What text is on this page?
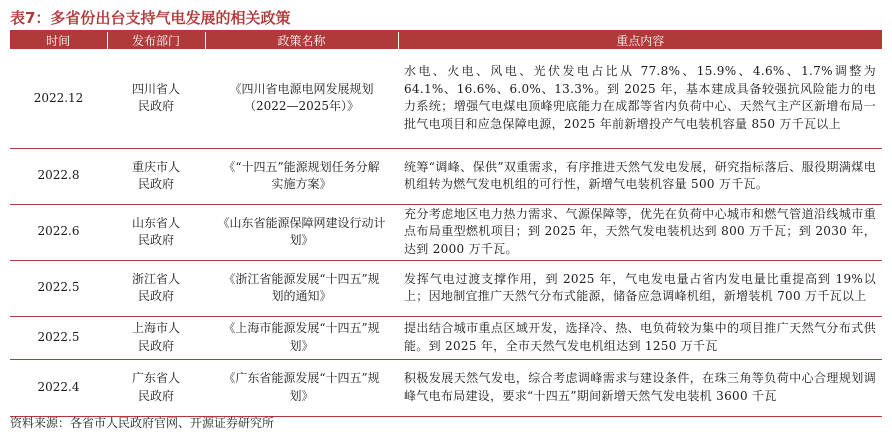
表7：多省份出台支持气电发展的相关政策
时间	发布部门	政策名称	重点内容
2022.12	四川省人民政府	《四川省电源电网发展规划（2022—2025年）》	水电、火电、风电、光伏发电占比从 77.8%、15.9%、4.6%、1.7%调整为 64.1%、16.6%、6.0%、13.3%。到 2025 年，基本建成具备较强抗风险能力的电力系统；增强气电煤电顶峰兜底能力在成都等省内负荷中心、天然气主产区新增布局一批气电项目和应急保障电源，2025 年前新增投产气电装机容量 850 万千瓦以上
2022.8	重庆市人民政府	《“十四五”能源规划任务分解实施方案》	统筹“调峰、保供”双重需求，有序推进天然气发电发展，研究指标落后、服役期满煤电机组转为燃气发电机组的可行性，新增气电装机容量 500 万千瓦。
2022.6	山东省人民政府	《山东省能源保障网建设行动计划》	充分考虑地区电力热力需求、气源保障等，优先在负荷中心城市和燃气管道沿线城市重点布局重型燃机项目；到 2025 年，天然气发电装机达到 800 万千瓦；到 2030 年，达到 2000 万千瓦。
2022.5	浙江省人民政府	《浙江省能源发展“十四五”规划的通知》	发挥气电过渡支撑作用，到 2025 年，气电发电量占省内发电量比重提高到 19%以上；因地制宜推广天然气分布式能源，储备应急调峰机组，新增装机 700 万千瓦以上
2022.5	上海市人民政府	《上海市能源发展“十四五”规划》	提出结合城市重点区域开发，选择冷、热、电负荷较为集中的项目推广天然气分布式供能。到 2025 年，全市天然气发电机组达到 1250 万千瓦
2022.4	广东省人民政府	《广东省能源发展“十四五”规划》	积极发展天然气发电，综合考虑调峰需求与建设条件，在珠三角等负荷中心合理规划调峰气电布局建设，要求“十四五”期间新增天然气发电装机 3600 千瓦
资料来源：各省市人民政府官网、开源证券研究所
